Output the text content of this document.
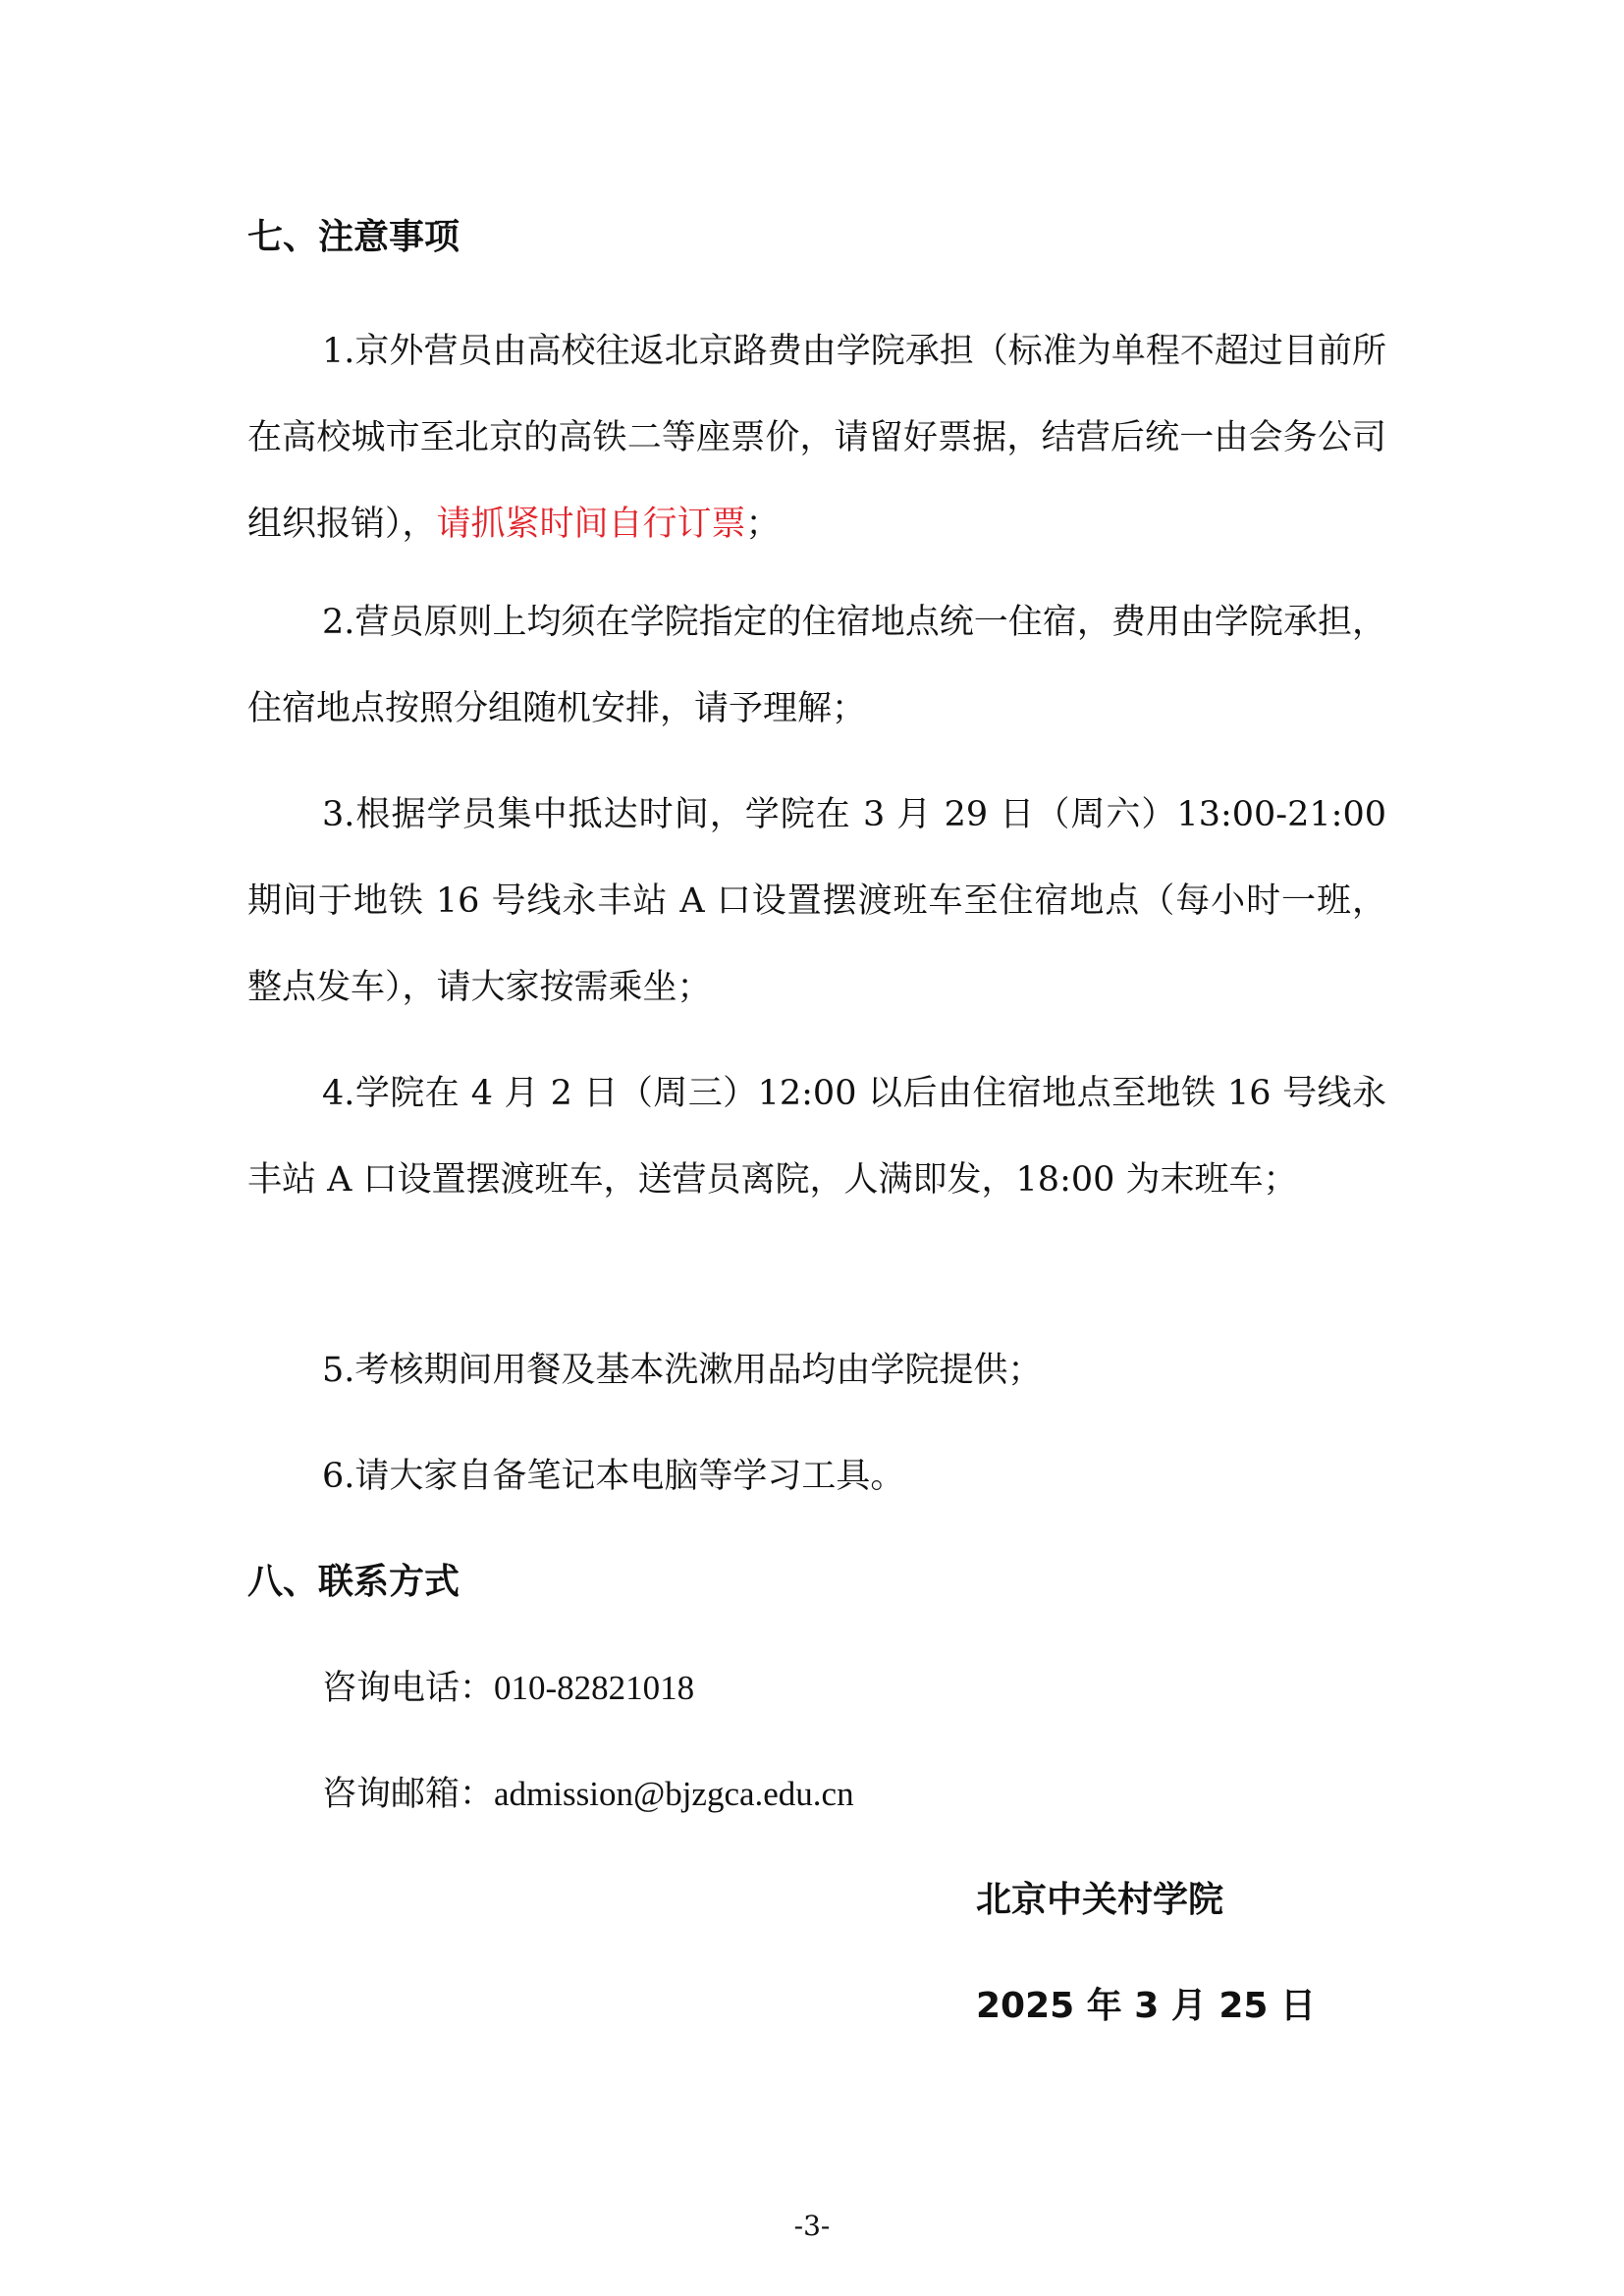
七、注意事项

1.京外营员由高校往返北京路费由学院承担（标准为单程不超过目前所在高校城市至北京的高铁二等座票价，请留好票据，结营后统一由会务公司组织报销），请抓紧时间自行订票；

2.营员原则上均须在学院指定的住宿地点统一住宿，费用由学院承担，住宿地点按照分组随机安排，请予理解；

3.根据学员集中抵达时间，学院在 3 月 29 日（周六）13:00-21:00 期间于地铁 16 号线永丰站 A 口设置摆渡班车至住宿地点（每小时一班，整点发车），请大家按需乘坐；

4.学院在 4 月 2 日（周三）12:00 以后由住宿地点至地铁 16 号线永丰站 A 口设置摆渡班车，送营员离院，人满即发，18:00 为末班车；

5.考核期间用餐及基本洗漱用品均由学院提供；

6.请大家自备笔记本电脑等学习工具。

八、联系方式
咨询电话：010-82821018
咨询邮箱：admission@bjzgca.edu.cn
北京中关村学院
2025 年 3 月 25 日
-3-
